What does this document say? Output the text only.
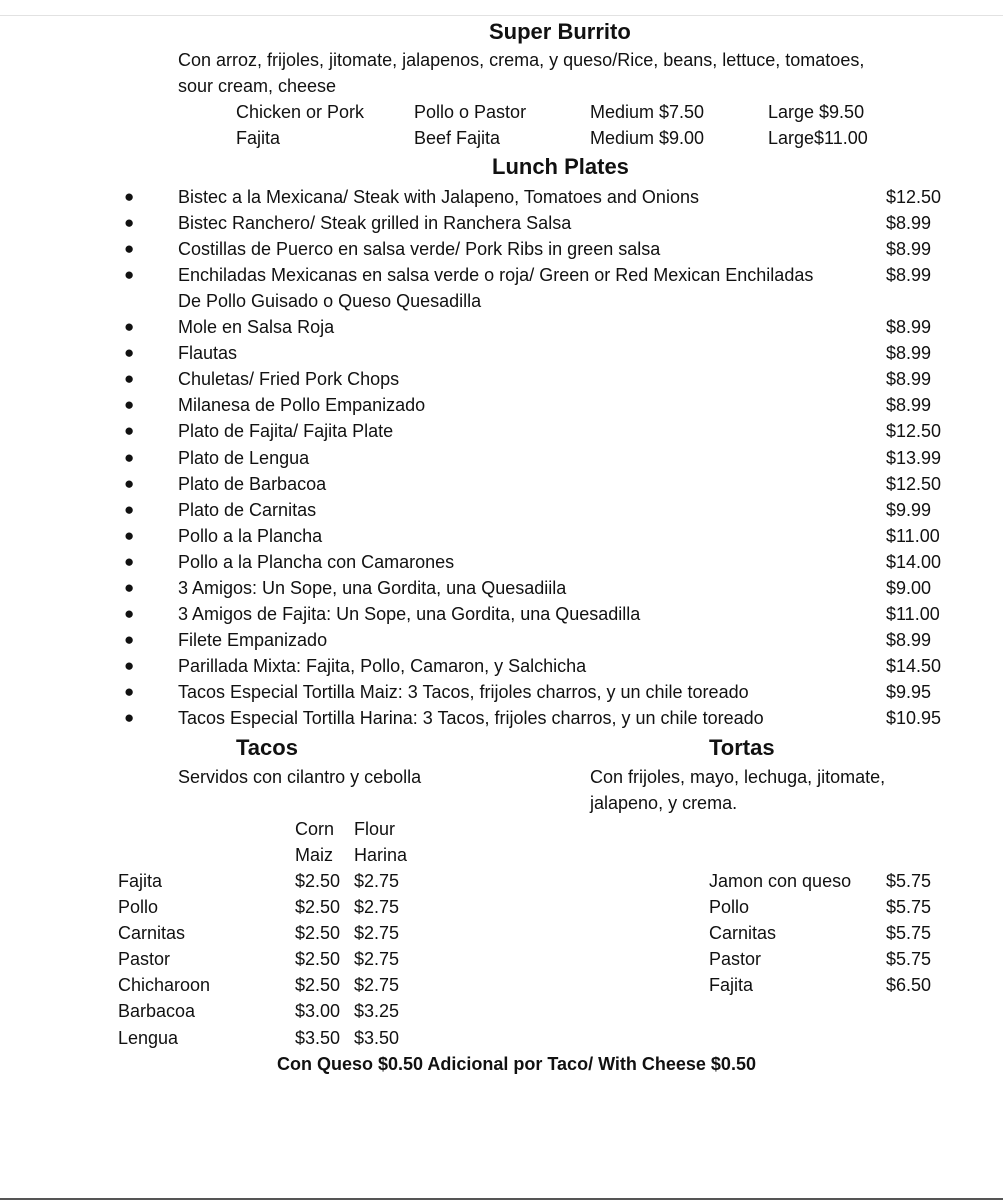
Super Burrito
Con arroz, frijoles, jitomate, jalapenos, crema, y queso/Rice, beans, lettuce, tomatoes,
sour cream, cheese
Chicken or Pork	Pollo o Pastor	Medium $7.50	Large $9.50
Fajita	Beef Fajita	Medium $9.00	Large$11.00
Lunch Plates
● Bistec a la Mexicana/ Steak with Jalapeno, Tomatoes and Onions	$12.50
● Bistec Ranchero/ Steak grilled in Ranchera Salsa	$8.99
● Costillas de Puerco en salsa verde/ Pork Ribs in green salsa	$8.99
● Enchiladas Mexicanas en salsa verde o roja/ Green or Red Mexican Enchiladas
De Pollo Guisado o Queso Quesadilla
$8.99
● Mole en Salsa Roja	$8.99
● Flautas	$8.99
● Chuletas/ Fried Pork Chops	$8.99
● Milanesa de Pollo Empanizado	$8.99
● Plato de Fajita/ Fajita Plate	$12.50
● Plato de Lengua	$13.99
● Plato de Barbacoa	$12.50
● Plato de Carnitas	$9.99
● Pollo a la Plancha	$11.00
● Pollo a la Plancha con Camarones	$14.00
● 3 Amigos: Un Sope, una Gordita, una Quesadiila	$9.00
● 3 Amigos de Fajita: Un Sope, una Gordita, una Quesadilla	$11.00
● Filete Empanizado	$8.99
● Parillada Mixta: Fajita, Pollo, Camaron, y Salchicha	$14.50
● Tacos Especial Tortilla Maiz: 3 Tacos, frijoles charros, y un chile toreado	$9.95
● Tacos Especial Tortilla Harina: 3 Tacos, frijoles charros, y un chile toreado	$10.95
Tacos
Servidos con cilantro y cebolla
Corn Flour
Maiz Harina
Fajita	$2.50 $2.75
Pollo	$2.50 $2.75
Carnitas	$2.50 $2.75
Pastor	$2.50 $2.75
Chicharoon	$2.50 $2.75
Barbacoa	$3.00 $3.25
Lengua	$3.50 $3.50
Con Queso $0.50 Adicional por Taco/ With Cheese $0.50
Tortas
Con frijoles, mayo, lechuga, jitomate,
jalapeno, y crema.
Jamon con queso $5.75
Pollo	$5.75
Carnitas	$5.75
Pastor	$5.75
Fajita	$6.50
